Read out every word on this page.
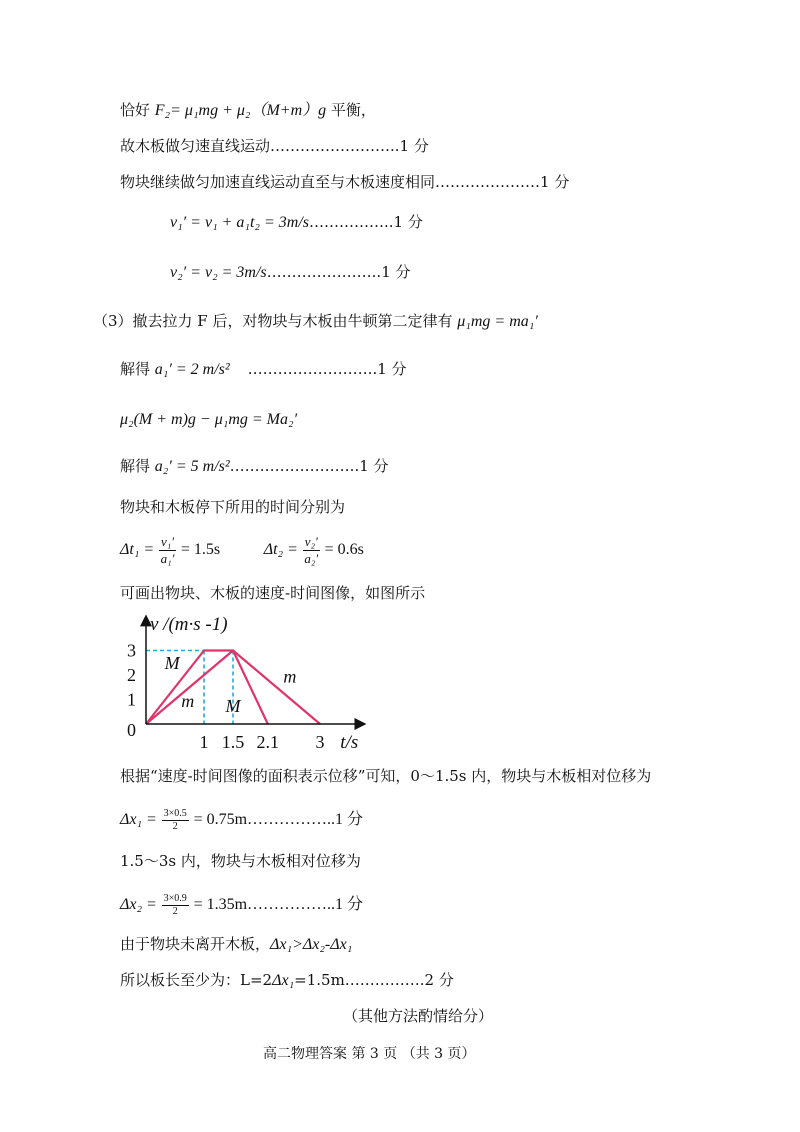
恰好 F₂= μ₁mg + μ₂（M+m）g 平衡，
故木板做匀速直线运动……………………..1 分
物块继续做匀加速直线运动直至与木板速度相同…………………1 分
v₁′ = v₁ + a₁t₂ = 3m/s……………..1 分
v₂′ = v₂ = 3m/s…………………..1 分
（3）撤去拉力 F 后，对物块与木板由牛顿第二定律有 μ₁mg = ma₁′
解得 a₁′ = 2 m/s² ……………………..1 分
μ₂(M + m)g − μ₁mg = Ma₂′
解得 a₂′ = 5 m/s²……………………..1 分
物块和木板停下所用的时间分别为
$\Delta t_1 = \frac{\text{v₁′}}{\text{a₁′}} = 1.5s$	$\Delta t_2 = \frac{\text{v₂′}}{\text{a₂′}} = 0.6s$
可画出物块、木板的速度-时间图像，如图所示
1 1.5 2.1 3
0
1
2
3
M
m M
m
v /(m·s -1)
t/s
根据“速度-时间图像的面积表示位移”可知，0～1.5s 内，物块与木板相对位移为
$\Delta x_1 = \frac{3\times 0.5}{2}$ = 0.75m……………..1 分
1.5～3s 内，物块与木板相对位移为
$\Delta x_2 = \frac{3\times 0.9}{2}$ = 1.35m……………..1 分
由于物块未离开木板，Δx₁>Δx₂-Δx₁
所以板长至少为：L=2Δx₁=1.5m…………….2 分
（其他方法酌情给分）
高二物理答案 第 3 页 （共 3 页）
